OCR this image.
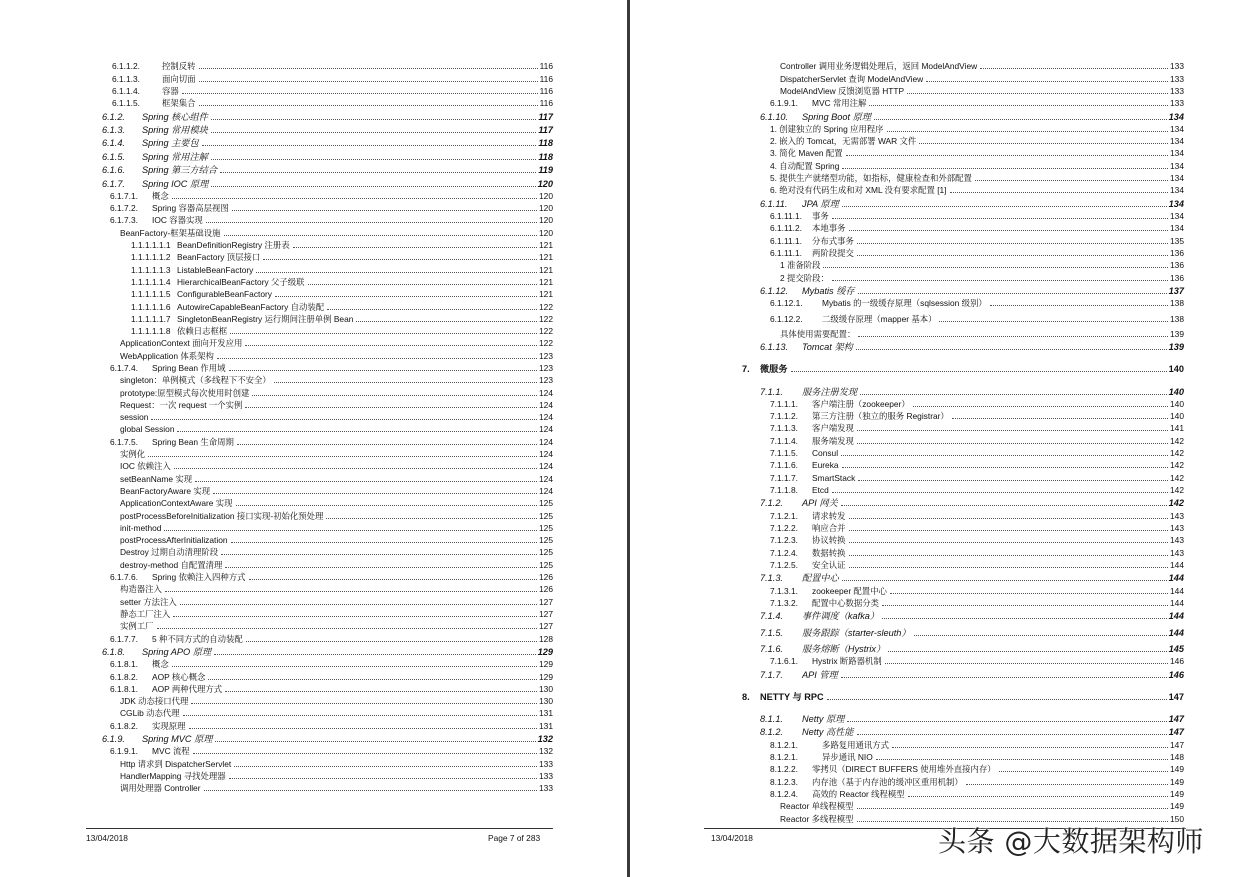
6.1.1.2.	控制反转	116
6.1.1.3.	面向切面	116
6.1.1.4.	容器	116
6.1.1.5.	框架集合	116
6.1.2.	Spring 核心组件	117
6.1.3.	Spring 常用模块	117
6.1.4.	Spring 主要包	118
6.1.5.	Spring 常用注解	118
6.1.6.	Spring 第三方结合	119
6.1.7.	Spring IOC 原理	120
6.1.7.1.	概念	120
6.1.7.2.	Spring 容器高层视图	120
6.1.7.3.	IOC 容器实现	120
BeanFactory-框架基础设施	120
1.1.1.1.1.1 BeanDefinitionRegistry 注册表	121
1.1.1.1.1.2 BeanFactory 顶层接口	121
1.1.1.1.1.3 ListableBeanFactory	121
1.1.1.1.1.4 HierarchicalBeanFactory 父子级联	121
1.1.1.1.1.5 ConfigurableBeanFactory	121
1.1.1.1.1.6 AutowireCapableBeanFactory 自动装配	122
1.1.1.1.1.7 SingletonBeanRegistry 运行期间注册单例 Bean	122
1.1.1.1.1.8 依赖日志框框	122
ApplicationContext 面向开发应用	122
WebApplication 体系架构	123
6.1.7.4.	Spring Bean 作用域	123
singleton：单例模式（多线程下不安全）	123
prototype:原型模式每次使用时创建	124
Request：一次 request 一个实例	124
session	124
global Session	124
6.1.7.5.	Spring Bean 生命周期	124
实例化	124
IOC 依赖注入	124
setBeanName 实现	124
BeanFactoryAware 实现	124
ApplicationContextAware 实现	125
postProcessBeforeInitialization 接口实现-初始化预处理	125
init-method	125
postProcessAfterInitialization	125
Destroy 过期自动清理阶段	125
destroy-method 自配置清理	125
6.1.7.6.	Spring 依赖注入四种方式	126
构造器注入	126
setter 方法注入	127
静态工厂注入	127
实例工厂	127
6.1.7.7.	5 种不同方式的自动装配	128
6.1.8.	Spring APO 原理	129
6.1.8.1.	概念	129
6.1.8.2.	AOP 核心概念	129
6.1.8.1.	AOP 两种代理方式	130
JDK 动态接口代理	130
CGLib 动态代理	131
6.1.8.2.	实现原理	131
6.1.9.	Spring MVC 原理	132
6.1.9.1.	MVC 流程	132
Http 请求到 DispatcherServlet	133
HandlerMapping 寻找处理器	133
调用处理器 Controller	133
13/04/2018	Page 7 of 283
Controller 调用业务逻辑处理后，返回 ModelAndView	133
DispatcherServlet 查询 ModelAndView	133
ModelAndView 反馈浏览器 HTTP	133
6.1.9.1.	MVC 常用注解	133
6.1.10.	Spring Boot 原理	134
1. 创建独立的 Spring 应用程序	134
2. 嵌入的 Tomcat，无需部署 WAR 文件	134
3. 简化 Maven 配置	134
4. 自动配置 Spring	134
5. 提供生产就绪型功能，如指标，健康检查和外部配置	134
6. 绝对没有代码生成和对 XML 没有要求配置 [1]	134
6.1.11.	JPA 原理	134
6.1.11.1.	事务	134
6.1.11.2.	本地事务	134
6.1.11.1.	分布式事务	135
6.1.11.1.	两阶段提交	136
1 准备阶段	136
2 提交阶段：	136
6.1.12.	Mybatis 缓存	137
6.1.12.1.	Mybatis 的一级缓存原理（sqlsession 级别）	138
6.1.12.2.	二级缓存原理（mapper 基本）	138
具体使用需要配置：	139
6.1.13.	Tomcat 架构	139
7.	微服务	140
7.1.1.	服务注册发现	140
7.1.1.1.	客户端注册（zookeeper）	140
7.1.1.2.	第三方注册（独立的服务 Registrar）	140
7.1.1.3.	客户端发现	141
7.1.1.4.	服务端发现	142
7.1.1.5.	Consul	142
7.1.1.6.	Eureka	142
7.1.1.7.	SmartStack	142
7.1.1.8.	Etcd	142
7.1.2.	API 网关	142
7.1.2.1.	请求转发	143
7.1.2.2.	响应合并	143
7.1.2.3.	协议转换	143
7.1.2.4.	数据转换	143
7.1.2.5.	安全认证	144
7.1.3.	配置中心	144
7.1.3.1.	zookeeper 配置中心	144
7.1.3.2.	配置中心数据分类	144
7.1.4.	事件调度（kafka）	144
7.1.5.	服务跟踪（starter-sleuth）	144
7.1.6.	服务熔断（Hystrix）	145
7.1.6.1.	Hystrix 断路器机制	146
7.1.7.	API 管理	146
8.	NETTY 与 RPC	147
8.1.1.	Netty 原理	147
8.1.2.	Netty 高性能	147
8.1.2.1.	多路复用通讯方式	147
8.1.2.1.	异步通讯 NIO	148
8.1.2.2.	零拷贝（DIRECT BUFFERS 使用堆外直接内存）	149
8.1.2.3.	内存池（基于内存池的缓冲区重用机制）	149
8.1.2.4.	高效的 Reactor 线程模型	149
Reactor 单线程模型	149
Reactor 多线程模型	150
13/04/2018	头条 @大数据架构师
